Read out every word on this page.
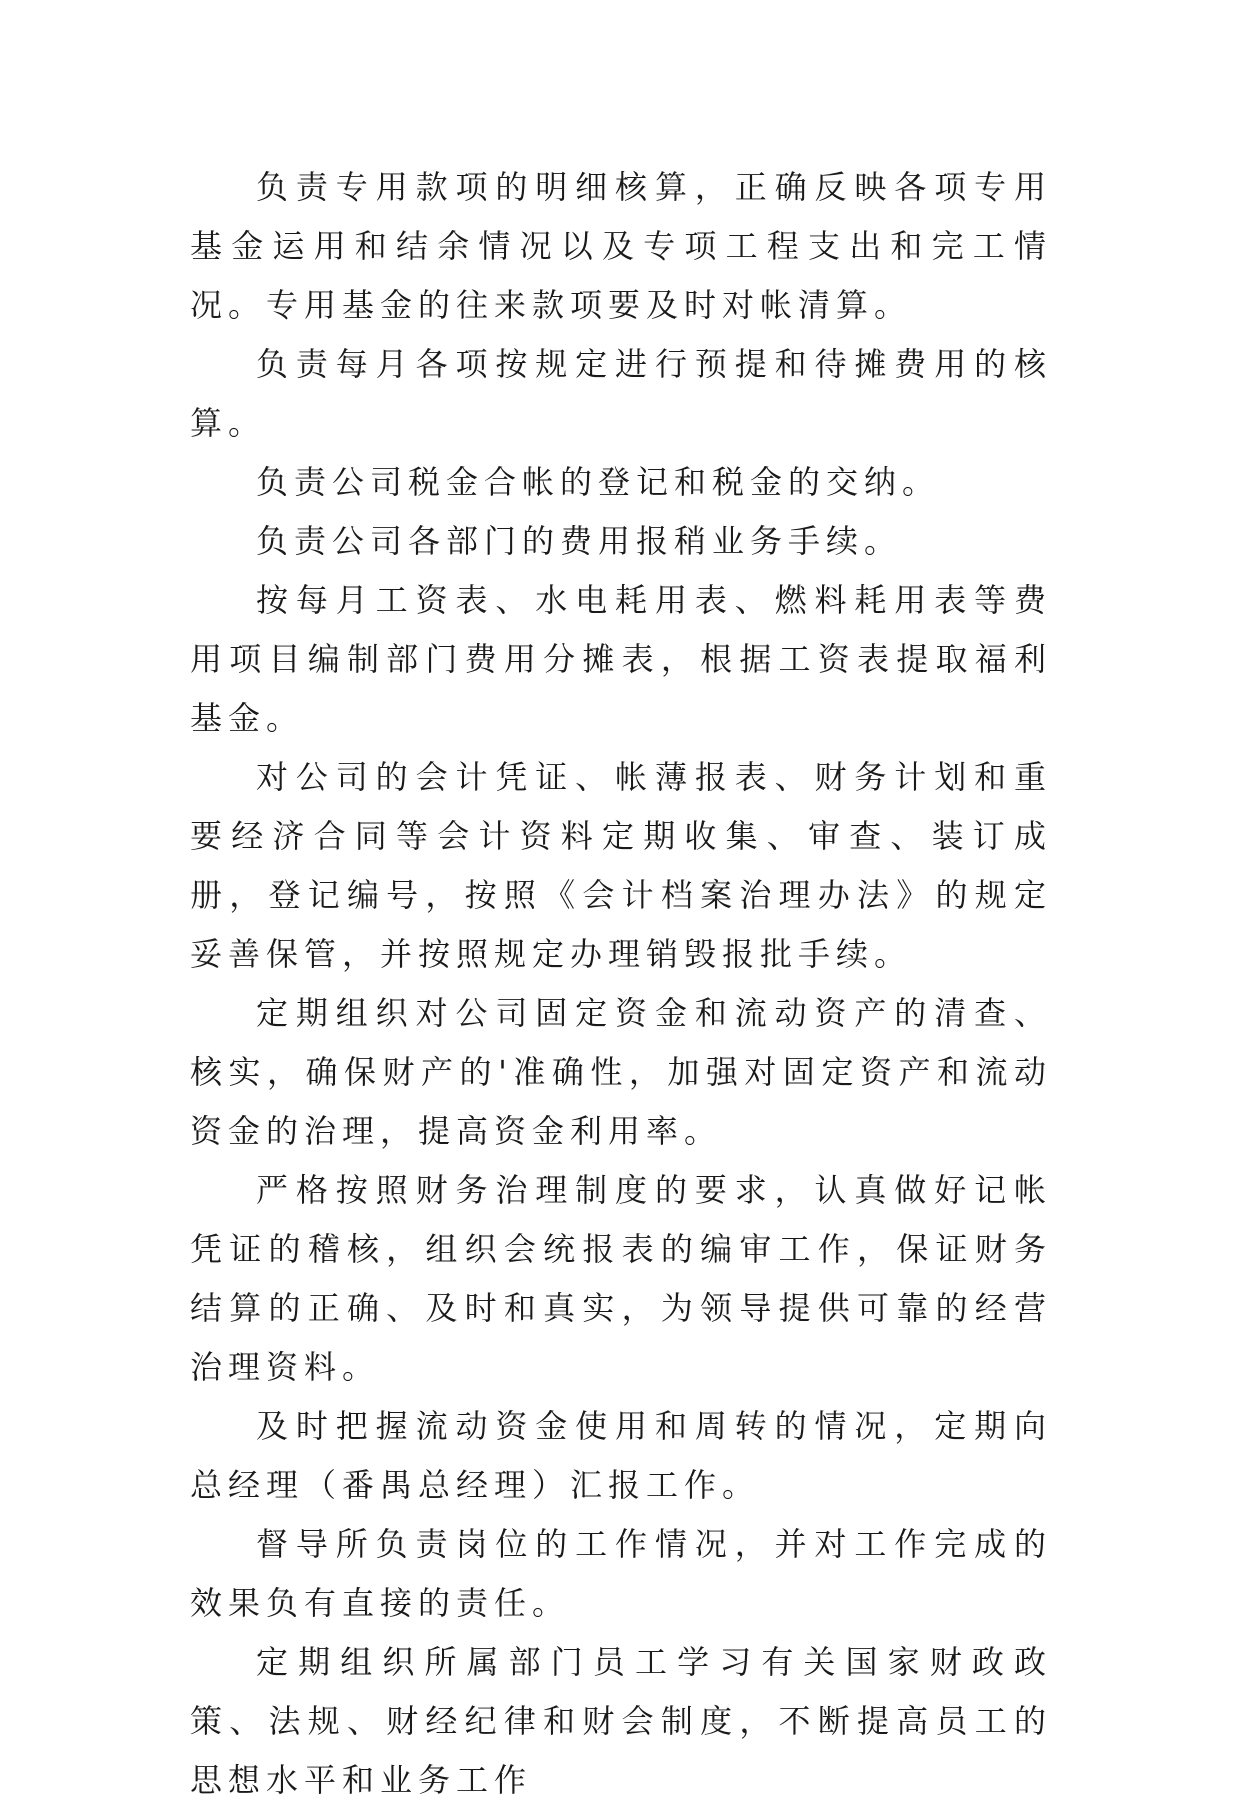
负责专用款项的明细核算，正确反映各项专用基金运用和结余情况以及专项工程支出和完工情况。专用基金的往来款项要及时对帐清算。

负责每月各项按规定进行预提和待摊费用的核算。

负责公司税金合帐的登记和税金的交纳。

负责公司各部门的费用报稍业务手续。

按每月工资表、水电耗用表、燃料耗用表等费用项目编制部门费用分摊表，根据工资表提取福利基金。

对公司的会计凭证、帐薄报表、财务计划和重要经济合同等会计资料定期收集、审查、装订成册，登记编号，按照《会计档案治理办法》的规定妥善保管，并按照规定办理销毁报批手续。

定期组织对公司固定资金和流动资产的清查、核实，确保财产的'准确性，加强对固定资产和流动资金的治理，提高资金利用率。

严格按照财务治理制度的要求，认真做好记帐凭证的稽核，组织会统报表的编审工作，保证财务结算的正确、及时和真实，为领导提供可靠的经营治理资料。

及时把握流动资金使用和周转的情况，定期向总经理（番禺总经理）汇报工作。

督导所负责岗位的工作情况，并对工作完成的效果负有直接的责任。

定期组织所属部门员工学习有关国家财政政策、法规、财经纪律和财会制度，不断提高员工的思想水平和业务工作
